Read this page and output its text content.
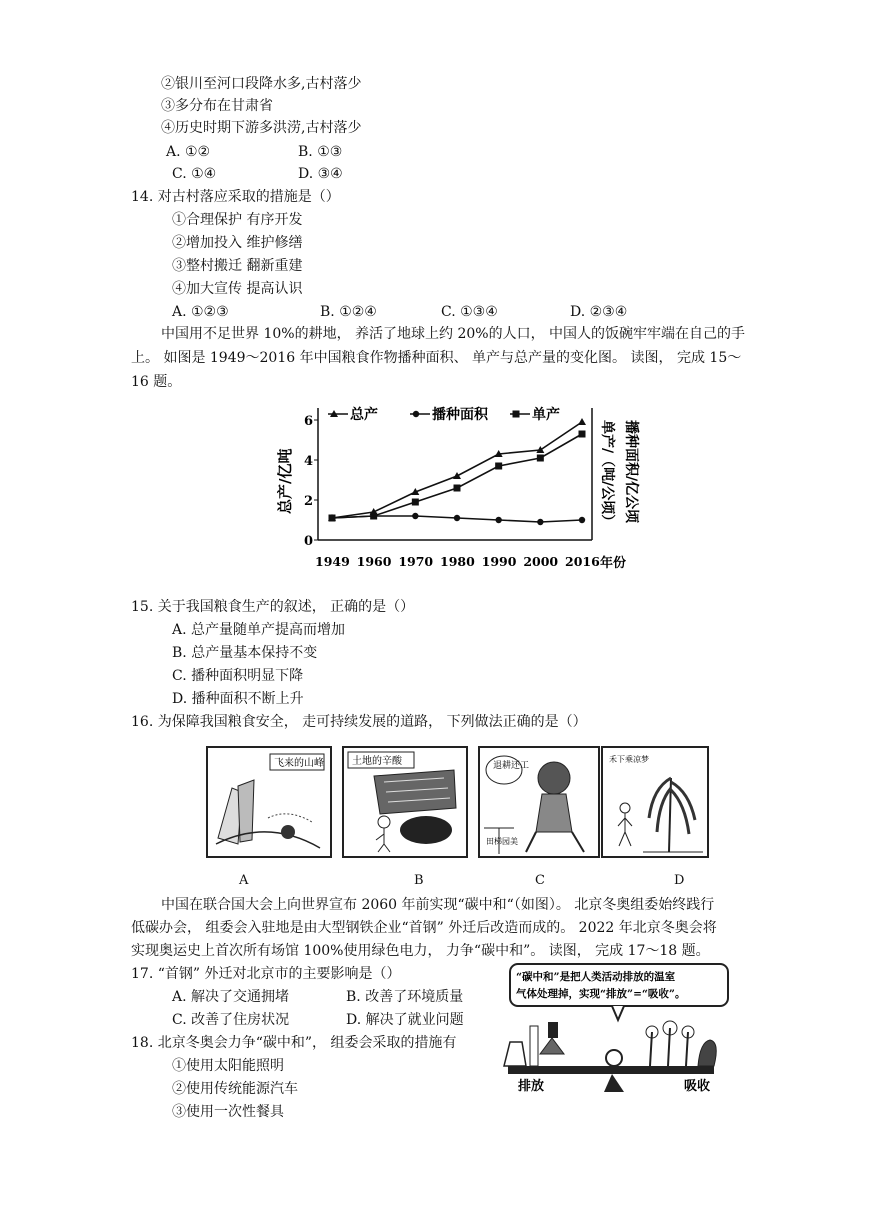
②银川至河口段降水多,古村落少
③多分布在甘肃省
④历史时期下游多洪涝,古村落少
A. ①②	B. ①③
C. ①④	D. ③④
14. 对古村落应采取的措施是（）
①合理保护 有序开发
②增加投入 维护修缮
③整村搬迁 翻新重建
④加大宣传 提高认识
A. ①②③	B. ①②④	C. ①③④	D. ②③④
中国用不足世界 10%的耕地， 养活了地球上约 20%的人口， 中国人的饭碗牢牢端在自己的手
上。 如图是 1949～2016 年中国粮食作物播种面积、 单产与总产量的变化图。 读图， 完成 15～
16 题。
0
2
4
6
1949 1960 1970 1980 1990 2000 2016
总产	播种面积	单产
总产/亿吨	单产/（吨/公顷） 播种面积/亿公顷
年份
15. 关于我国粮食生产的叙述， 正确的是（）
A. 总产量随单产提高而增加
B. 总产量基本保持不变
C. 播种面积明显下降
D. 播种面积不断上升
16. 为保障我国粮食安全， 走可持续发展的道路， 下列做法正确的是（）
飞来的山峰
A
土地的辛酸
B
退耕还工
田梯 园美
C
禾下乘凉梦
D
中国在联合国大会上向世界宣布 2060 年前实现“碳中和“（如图）。 北京冬奥组委始终践行
低碳办会， 组委会入驻地是由大型钢铁企业“首钢” 外迁后改造而成的。 2022 年北京冬奥会将
实现奥运史上首次所有场馆 100%使用绿色电力， 力争“碳中和”。 读图， 完成 17～18 题。
17. “首钢” 外迁对北京市的主要影响是（）
A. 解决了交通拥堵	B. 改善了环境质量
C. 改善了住房状况	D. 解决了就业问题
18. 北京冬奥会力争“碳中和”， 组委会采取的措施有
①使用太阳能照明
②使用传统能源汽车
③使用一次性餐具
“碳中和”是把人类活动排放的温室
气体处理掉，实现“排放”=“吸收”。
排放	吸收
